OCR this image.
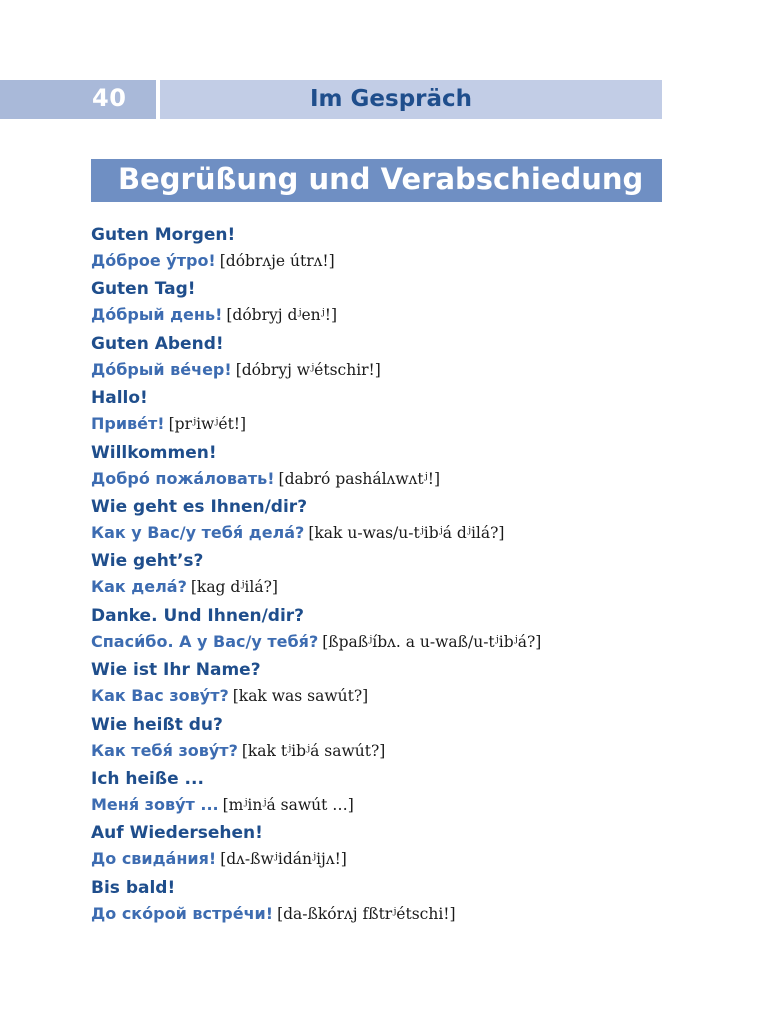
40	Im Gespräch
Begrüßung und Verabschiedung
Guten Morgen!
До́брое у́тро! [dóbrʌje útrʌ!]
Guten Tag!
До́брый день! [dóbryj dʲenʲ!]
Guten Abend!
До́брый ве́чер! [dóbryj wʲétschir!]
Hallo!
Приве́т! [prʲiwʲét!]
Willkommen!
Добро́ пожа́ловать! [dabró pashálʌwʌtʲ!]
Wie geht es Ihnen/dir?
Как у Вас/у тебя́ дела́? [kak u-was/u-tʲibʲá dʲilá?]
Wie geht’s?
Как дела́? [kag dʲilá?]
Danke. Und Ihnen/dir?
Спаси́бо. А у Вас/у тебя́? [ßpaßʲíbʌ. a u-waß/u-tʲibʲá?]
Wie ist Ihr Name?
Как Вас зову́т? [kak was sawút?]
Wie heißt du?
Как тебя́ зову́т? [kak tʲibʲá sawút?]
Ich heiße ...
Меня́ зову́т ... [mʲinʲá sawút …]
Auf Wiedersehen!
До свида́ния! [dʌ-ßwʲidánʲijʌ!]
Bis bald!
До ско́рой встре́чи! [da-ßkórʌj fßtrʲétschi!]
